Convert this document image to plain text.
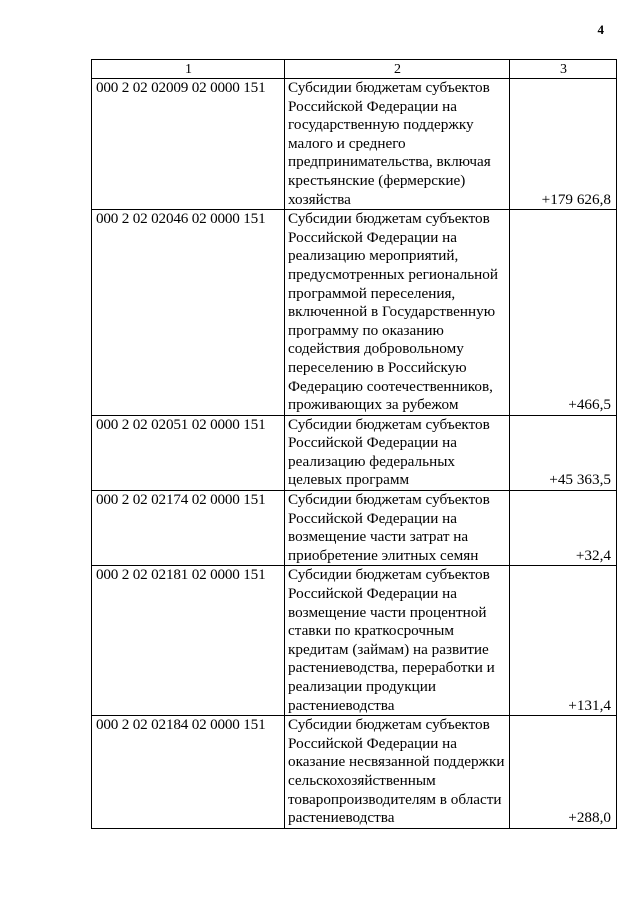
4
1	2	3
000 2 02 02009 02 0000 151	Субсидии бюджетам субъектов Российской Федерации на государственную поддержку малого и среднего предпринимательства, включая крестьянские (фермерские) хозяйства	+179 626,8
000 2 02 02046 02 0000 151	Субсидии бюджетам субъектов Российской Федерации на реализацию мероприятий, предусмотренных региональной программой переселения, включенной в Государственную программу по оказанию содействия добровольному переселению в Российскую Федерацию соотечественников, проживающих за рубежом	+466,5
000 2 02 02051 02 0000 151	Субсидии бюджетам субъектов Российской Федерации на реализацию федеральных целевых программ	+45 363,5
000 2 02 02174 02 0000 151	Субсидии бюджетам субъектов Российской Федерации на возмещение части затрат на приобретение элитных семян	+32,4
000 2 02 02181 02 0000 151	Субсидии бюджетам субъектов Российской Федерации на возмещение части процентной ставки по краткосрочным кредитам (займам) на развитие растениеводства, переработки и реализации продукции растениеводства	+131,4
000 2 02 02184 02 0000 151	Субсидии бюджетам субъектов Российской Федерации на оказание несвязанной поддержки сельскохозяйственным товаропроизводителям в области растениеводства	+288,0
